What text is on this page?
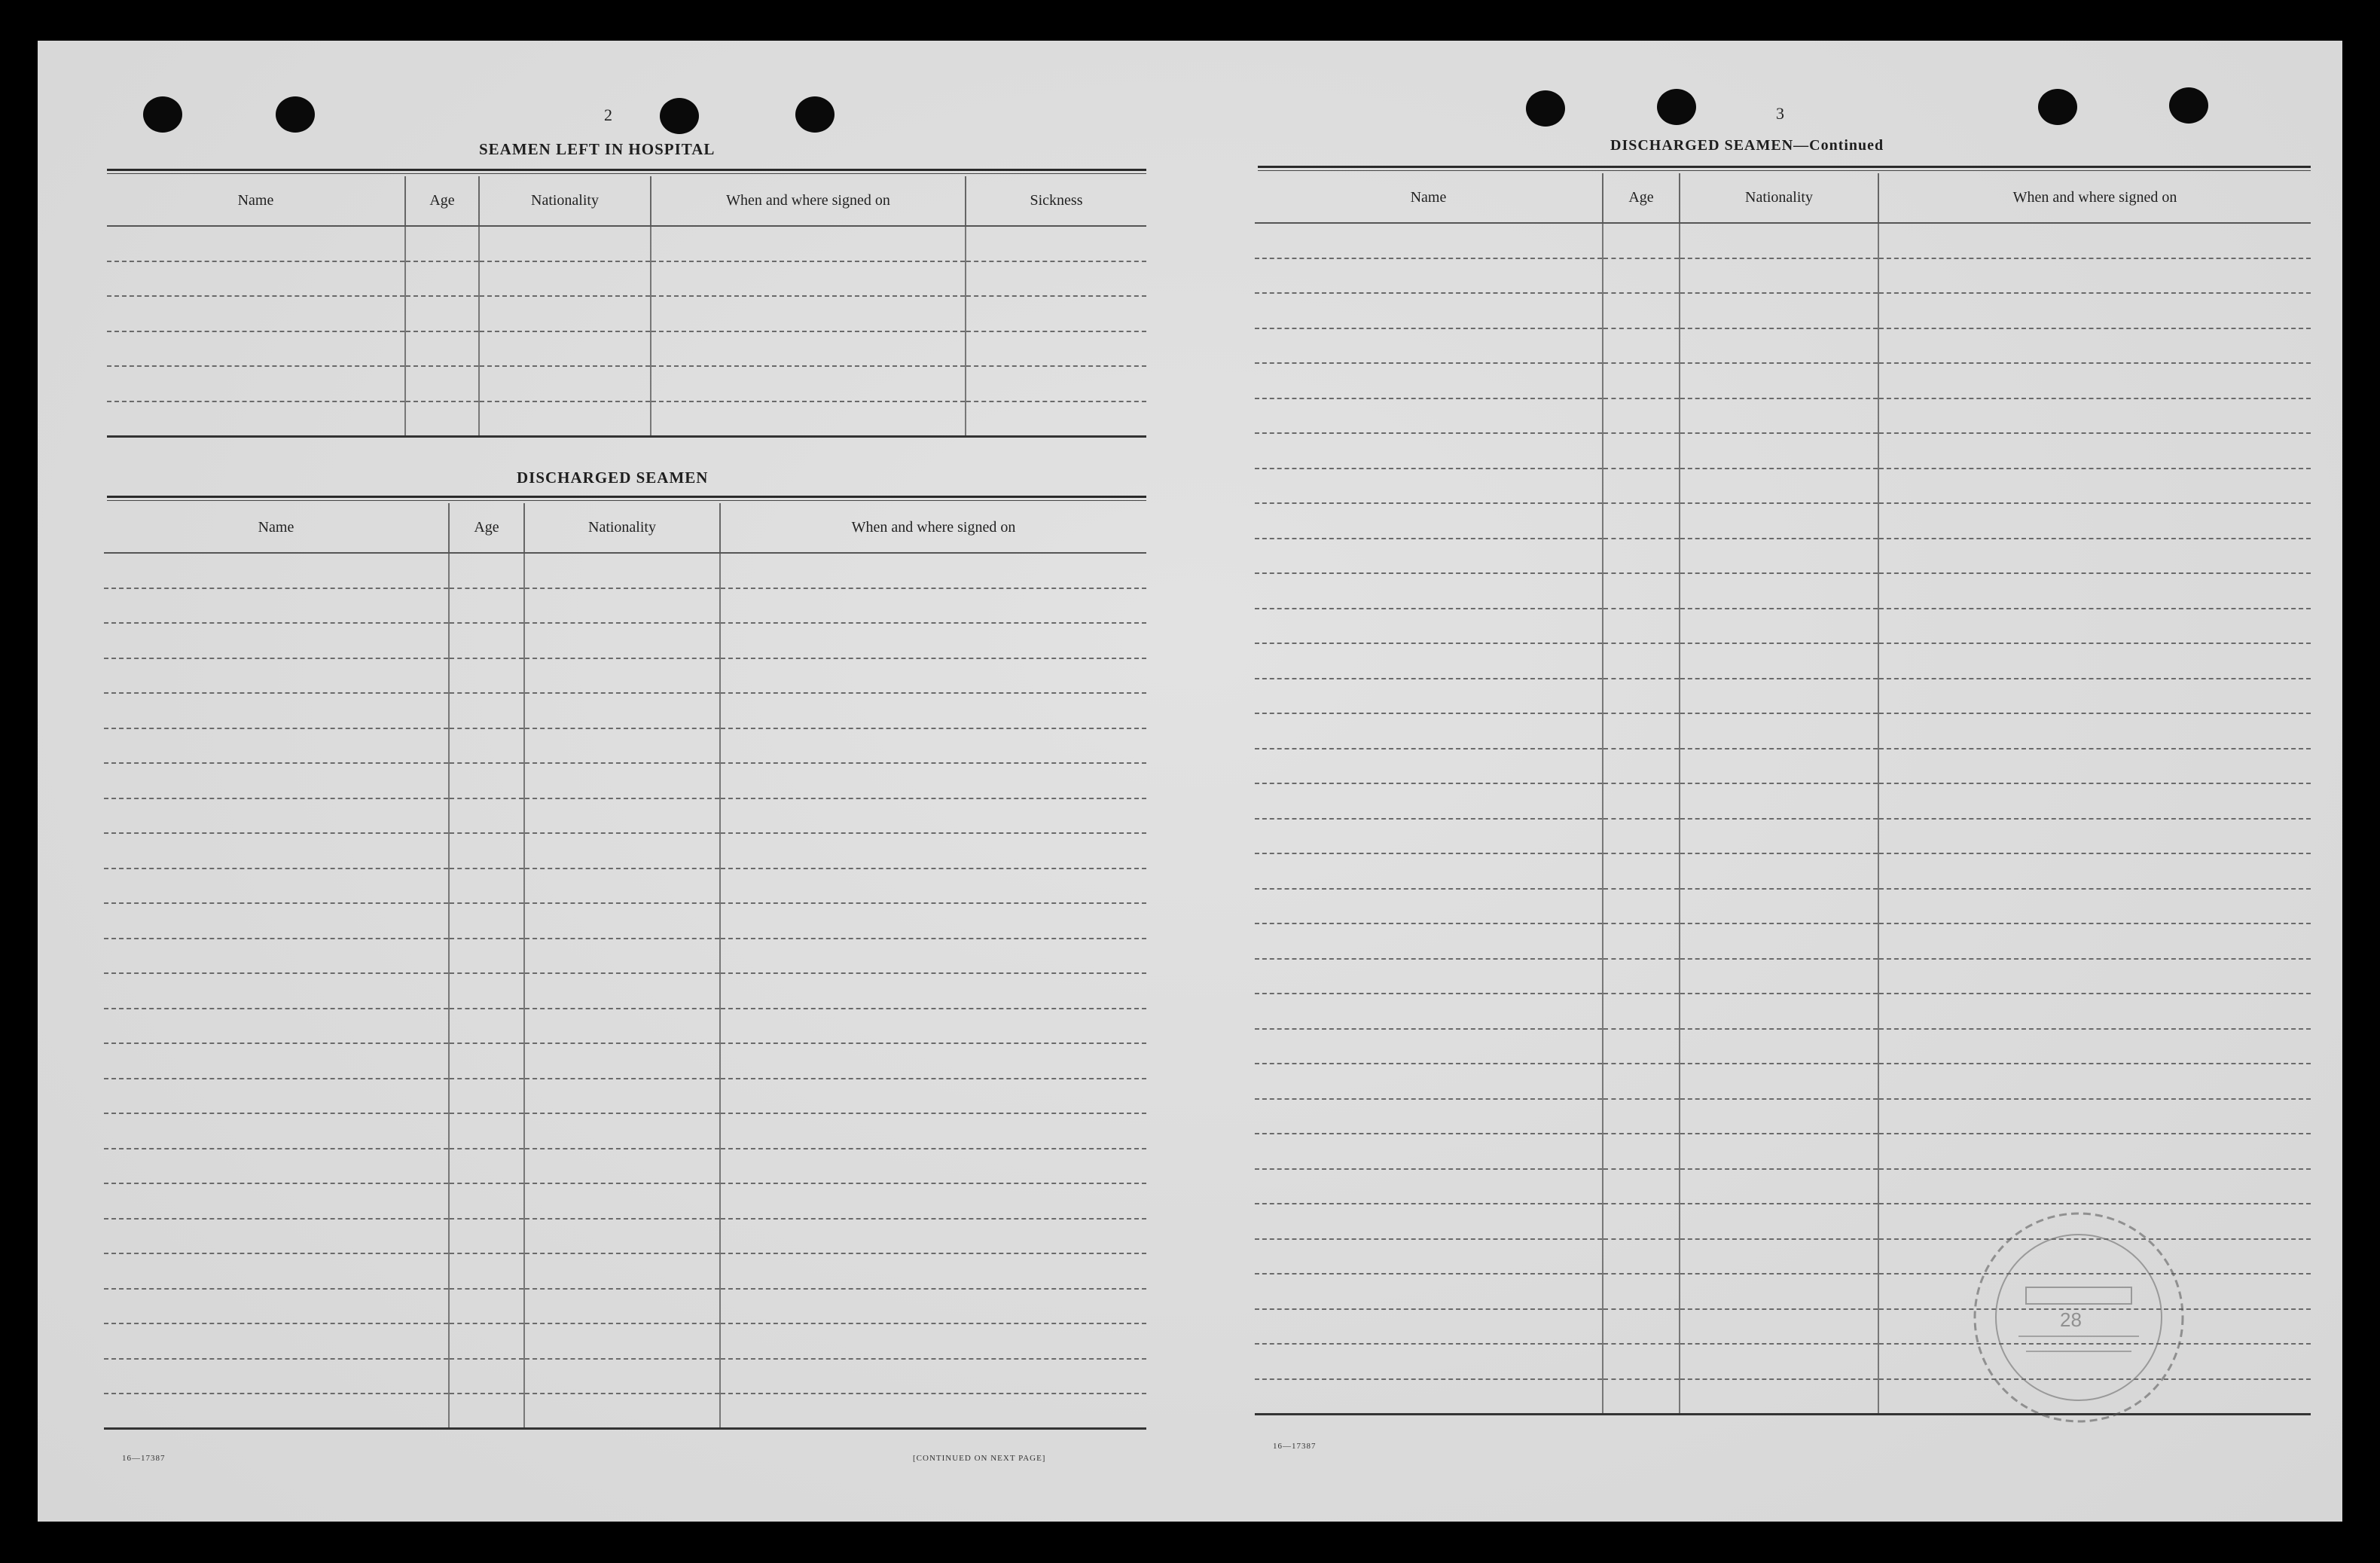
2
SEAMEN LEFT IN HOSPITAL
Name	Age	Nationality	When and where signed on	Sickness

DISCHARGED SEAMEN
Name	Age	Nationality	When and where signed on

16—17387	[CONTINUED ON NEXT PAGE]
3
DISCHARGED SEAMEN—Continued
Name	Age	Nationality	When and where signed on

16—17387
28
